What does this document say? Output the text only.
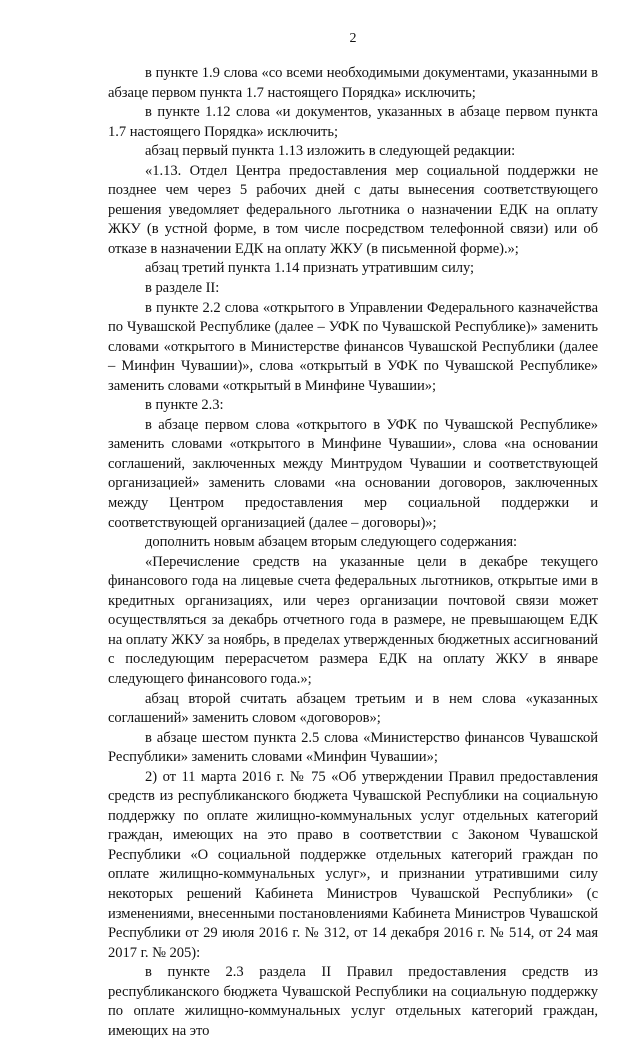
2

в пункте 1.9 слова «со всеми необходимыми документами, указанными в абзаце первом пункта 1.7 настоящего Порядка» исключить;

в пункте 1.12 слова «и документов, указанных в абзаце первом пункта 1.7 настоящего Порядка» исключить;

абзац первый пункта 1.13 изложить в следующей редакции:

«1.13. Отдел Центра предоставления мер социальной поддержки не позднее чем через 5 рабочих дней с даты вынесения соответствующего решения уведомляет федерального льготника о назначении ЕДК на оплату ЖКУ (в устной форме, в том числе посредством телефонной связи) или об отказе в назначении ЕДК на оплату ЖКУ (в письменной форме).»;

абзац третий пункта 1.14 признать утратившим силу;

в разделе II:

в пункте 2.2 слова «открытого в Управлении Федерального казначейства по Чувашской Республике (далее – УФК по Чувашской Республике)» заменить словами «открытого в Министерстве финансов Чувашской Республики (далее – Минфин Чувашии)», слова «открытый в УФК по Чувашской Республике» заменить словами «открытый в Минфине Чувашии»;

в пункте 2.3:

в абзаце первом слова «открытого в УФК по Чувашской Республике» заменить словами «открытого в Минфине Чувашии», слова «на основании соглашений, заключенных между Минтрудом Чувашии и соответствующей организацией» заменить словами «на основании договоров, заключенных между Центром предоставления мер социальной поддержки и соответствующей организацией (далее – договоры)»;

дополнить новым абзацем вторым следующего содержания:

«Перечисление средств на указанные цели в декабре текущего финансового года на лицевые счета федеральных льготников, открытые ими в кредитных организациях, или через организации почтовой связи может осуществляться за декабрь отчетного года в размере, не превышающем ЕДК на оплату ЖКУ за ноябрь, в пределах утвержденных бюджетных ассигнований с последующим перерасчетом размера ЕДК на оплату ЖКУ в январе следующего финансового года.»;

абзац второй считать абзацем третьим и в нем слова «указанных соглашений» заменить словом «договоров»;

в абзаце шестом пункта 2.5 слова «Министерство финансов Чувашской Республики» заменить словами «Минфин Чувашии»;

2) от 11 марта 2016 г. № 75 «Об утверждении Правил предоставления средств из республиканского бюджета Чувашской Республики на социальную поддержку по оплате жилищно-коммунальных услуг отдельных категорий граждан, имеющих на это право в соответствии с Законом Чувашской Республики «О социальной поддержке отдельных категорий граждан по оплате жилищно-коммунальных услуг», и признании утратившими силу некоторых решений Кабинета Министров Чувашской Республики» (с изменениями, внесенными постановлениями Кабинета Министров Чувашской Республики от 29 июля 2016 г. № 312, от 14 декабря 2016 г. № 514, от 24 мая 2017 г. № 205):

в пункте 2.3 раздела II Правил предоставления средств из республиканского бюджета Чувашской Республики на социальную поддержку по оплате жилищно-коммунальных услуг отдельных категорий граждан, имеющих на это
